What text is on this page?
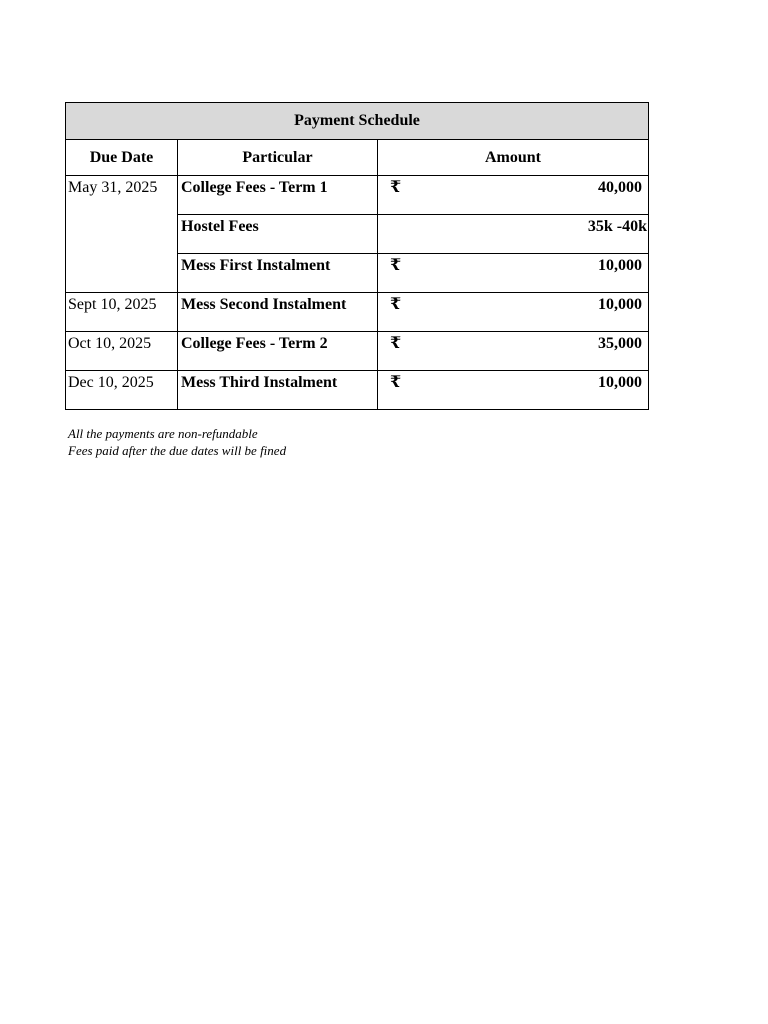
Payment Schedule		
Due Date	Particular	Amount
May 31, 2025	College Fees - Term 1	₹ 40,000

	Hostel Fees	35k -40k

	Mess First Instalment	₹ 10,000

Sept 10, 2025	Mess Second Instalment	₹ 10,000

Oct 10, 2025	College Fees - Term 2	₹ 35,000

Dec 10, 2025	Mess Third Instalment	₹ 10,000
All the payments are non-refundable
Fees paid after the due dates will be fined
